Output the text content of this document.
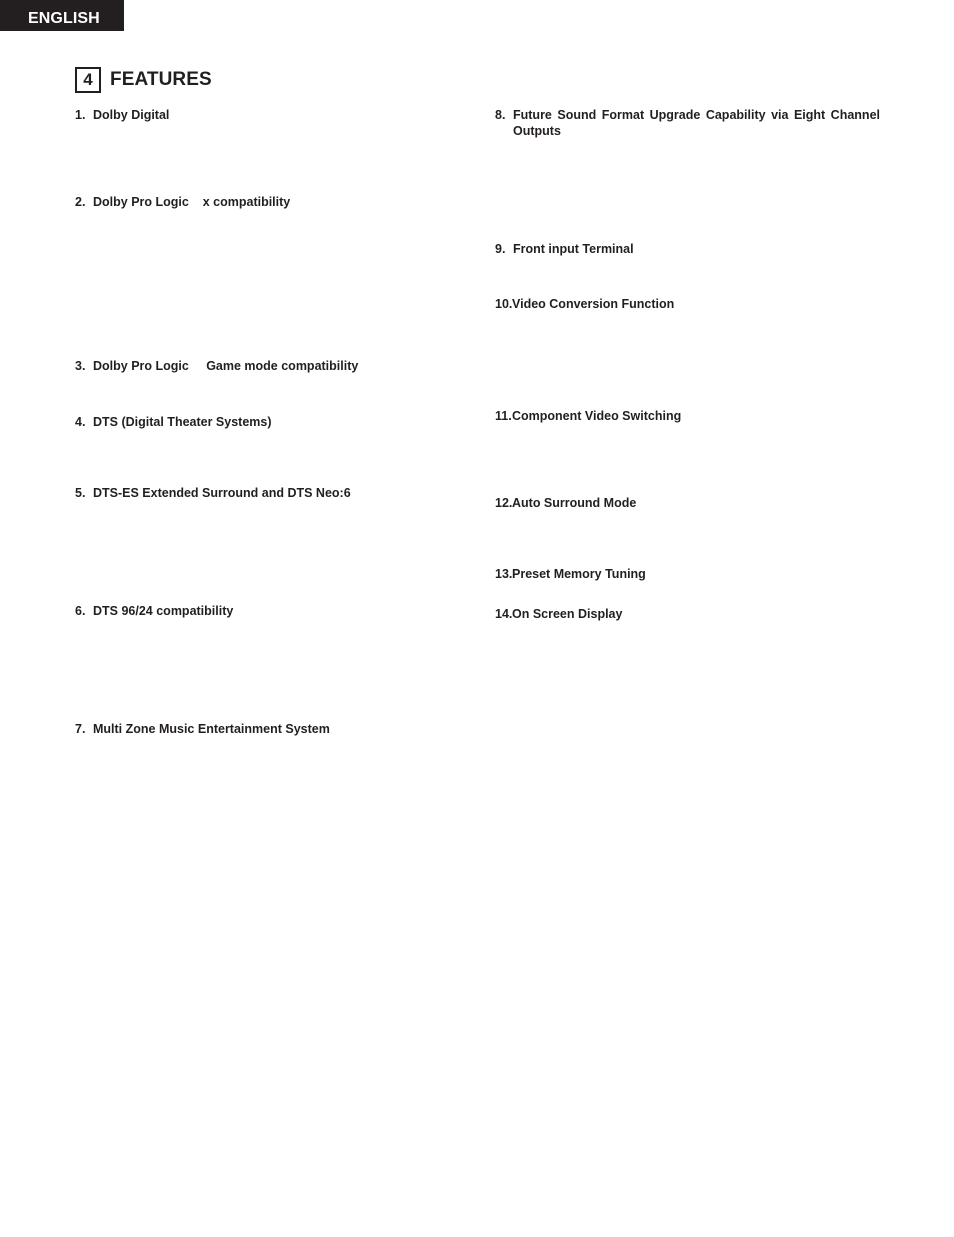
ENGLISH
4 FEATURES
1. Dolby Digital
2. Dolby Pro Logic    x compatibility
3. Dolby Pro Logic     Game mode compatibility
4. DTS (Digital Theater Systems)
5. DTS-ES Extended Surround and DTS Neo:6
6. DTS 96/24 compatibility
7. Multi Zone Music Entertainment System
8. Future Sound Format Upgrade Capability via Eight Channel Outputs
9. Front input Terminal
10. Video Conversion Function
11. Component Video Switching
12. Auto Surround Mode
13. Preset Memory Tuning
14. On Screen Display
